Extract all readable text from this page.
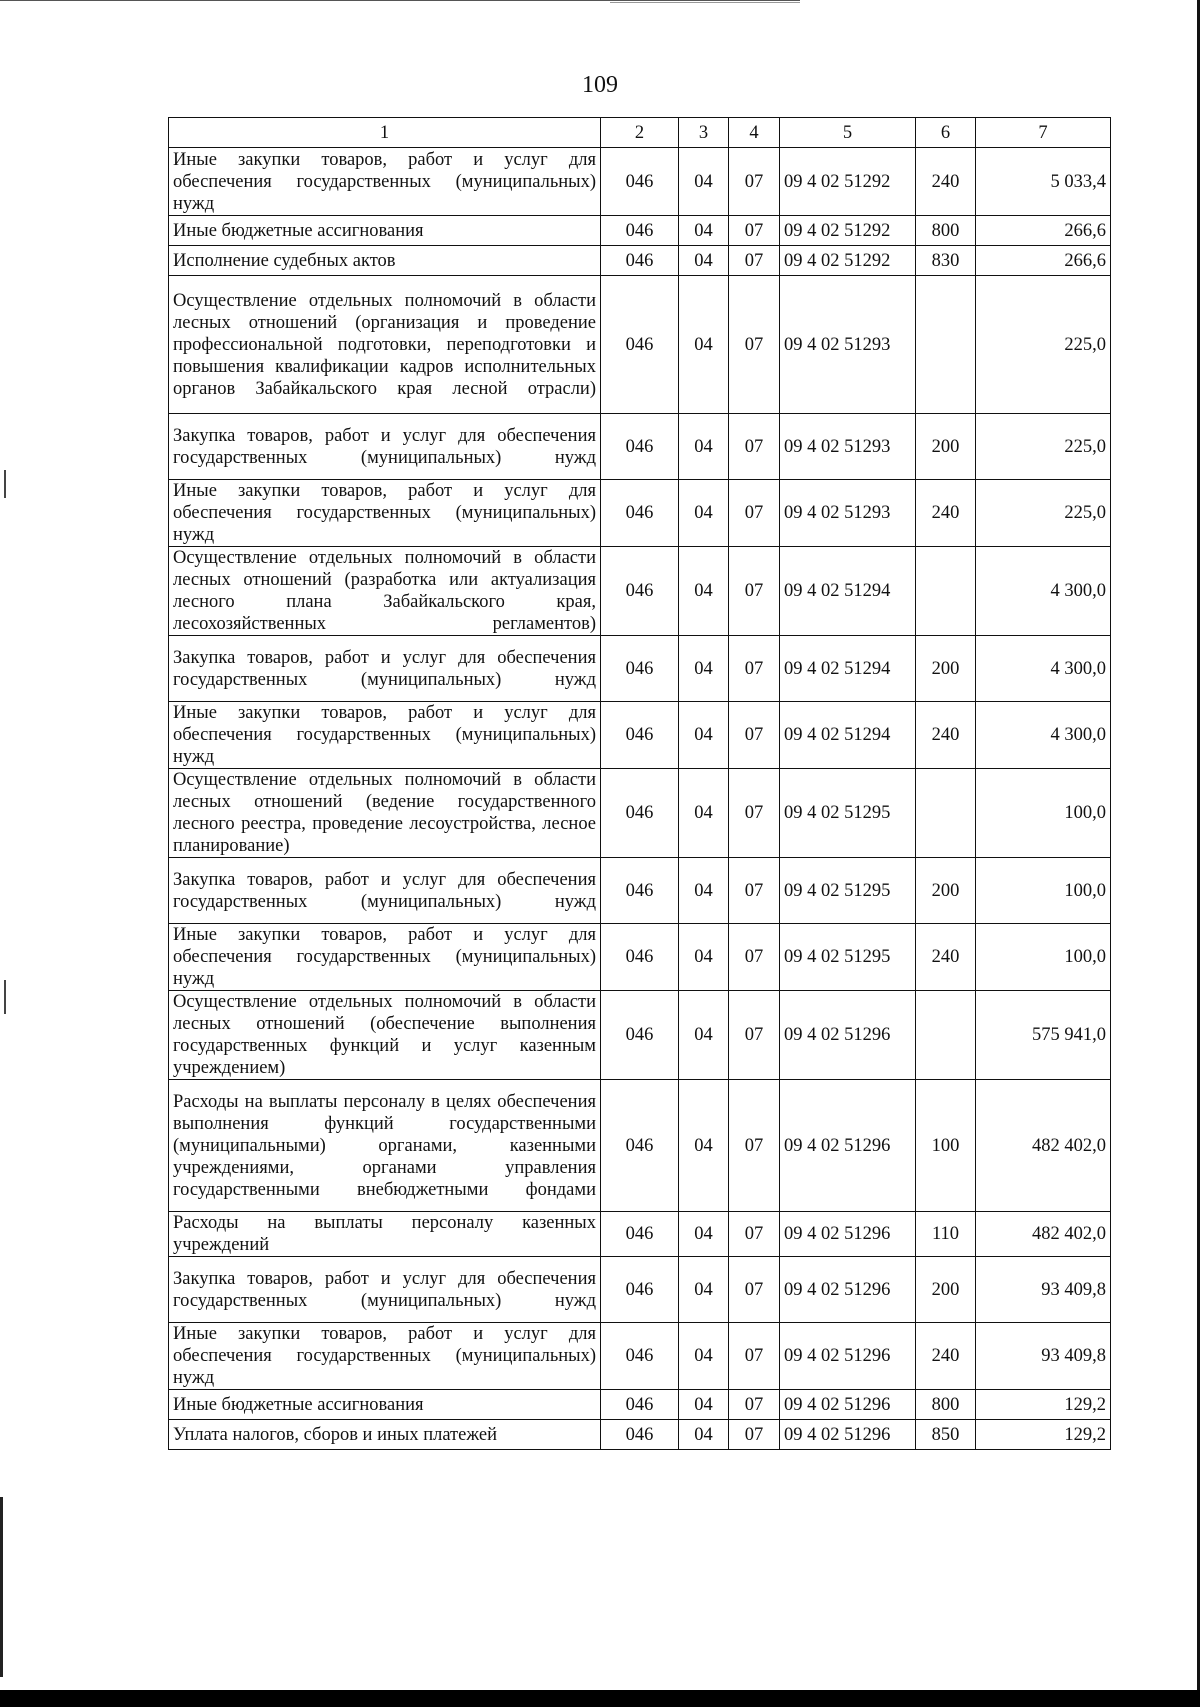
109
1	2	3	4	5	6	7
Иные закупки товаров, работ и услуг для обеспечения государственных (муниципальных) нужд	046	04	07	09 4 02 51292	240	5 033,4
Иные бюджетные ассигнования	046	04	07	09 4 02 51292	800	266,6
Исполнение судебных актов	046	04	07	09 4 02 51292	830	266,6
Осуществление отдельных полномочий в области лесных отношений (организация и проведение профессиональной подготовки, переподготовки и повышения квалификации кадров исполнительных органов Забайкальского края лесной отрасли)	046	04	07	09 4 02 51293		225,0
Закупка товаров, работ и услуг для обеспечения государственных (муниципальных) нужд	046	04	07	09 4 02 51293	200	225,0
Иные закупки товаров, работ и услуг для обеспечения государственных (муниципальных) нужд	046	04	07	09 4 02 51293	240	225,0
Осуществление отдельных полномочий в области лесных отношений (разработка или актуализация лесного плана Забайкальского края, лесохозяйственных регламентов)	046	04	07	09 4 02 51294		4 300,0
Закупка товаров, работ и услуг для обеспечения государственных (муниципальных) нужд	046	04	07	09 4 02 51294	200	4 300,0
Иные закупки товаров, работ и услуг для обеспечения государственных (муниципальных) нужд	046	04	07	09 4 02 51294	240	4 300,0
Осуществление отдельных полномочий в области лесных отношений (ведение государственного лесного реестра, проведение лесоустройства, лесное планирование)	046	04	07	09 4 02 51295		100,0
Закупка товаров, работ и услуг для обеспечения государственных (муниципальных) нужд	046	04	07	09 4 02 51295	200	100,0
Иные закупки товаров, работ и услуг для обеспечения государственных (муниципальных) нужд	046	04	07	09 4 02 51295	240	100,0
Осуществление отдельных полномочий в области лесных отношений (обеспечение выполнения государственных функций и услуг казенным учреждением)	046	04	07	09 4 02 51296		575 941,0
Расходы на выплаты персоналу в целях обеспечения выполнения функций государственными (муниципальными) органами, казенными учреждениями, органами управления государственными внебюджетными фондами	046	04	07	09 4 02 51296	100	482 402,0
Расходы на выплаты персоналу казенных учреждений	046	04	07	09 4 02 51296	110	482 402,0
Закупка товаров, работ и услуг для обеспечения государственных (муниципальных) нужд	046	04	07	09 4 02 51296	200	93 409,8
Иные закупки товаров, работ и услуг для обеспечения государственных (муниципальных) нужд	046	04	07	09 4 02 51296	240	93 409,8
Иные бюджетные ассигнования	046	04	07	09 4 02 51296	800	129,2
Уплата налогов, сборов и иных платежей	046	04	07	09 4 02 51296	850	129,2
